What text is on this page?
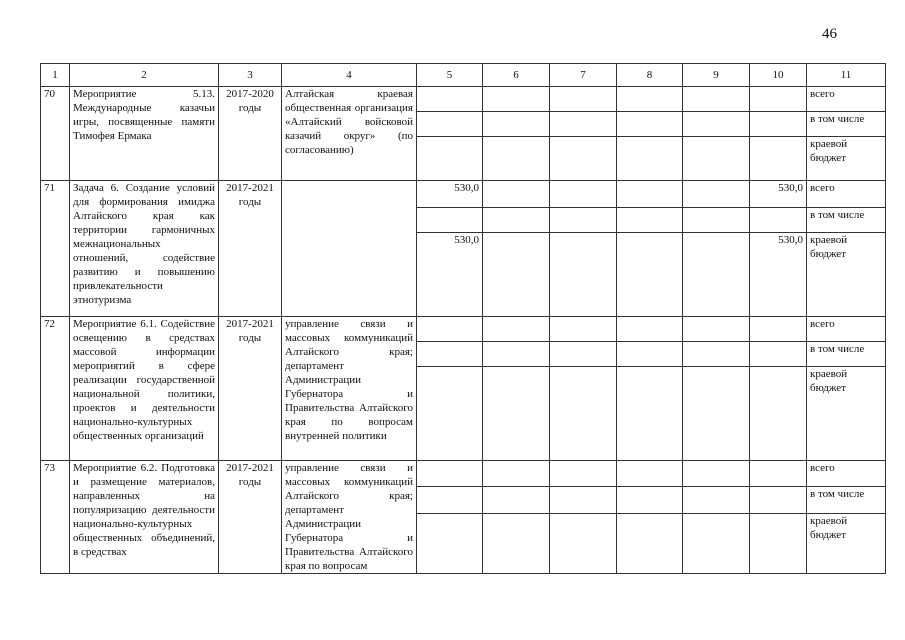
46
1	2	3	4	5	6	7	8	9	10	11
70	Мероприятие 5.13. Международные казачьи игры, посвященные памяти Тимофея Ермака	2017-2020 годы	Алтайская краевая общественная организация «Алтайский войсковой казачий округ» (по согласованию)							всего
										в том числе
										краевой бюджет
71	Задача 6. Создание условий для формирования имиджа Алтайского края как территории гармоничных межнациональных отношений, содействие развитию и повышению привлекательности этнотуризма	2017-2021 годы		530,0					530,0	всего
										в том числе
				530,0					530,0	краевой бюджет
72	Мероприятие 6.1. Содействие освещению в средствах массовой информации мероприятий в сфере реализации государственной национальной политики, проектов и деятельности национально-культурных общественных организаций	2017-2021 годы	управление связи и массовых коммуникаций Алтайского края; департамент Администрации Губернатора и Правительства Алтайского края по вопросам внутренней политики							всего
										в том числе
										краевой бюджет
73	Мероприятие 6.2. Подготовка и размещение материалов, направленных на популяризацию деятельности национально-культурных общественных объединений, в средствах	2017-2021 годы	управление связи и массовых коммуникаций Алтайского края; департамент Администрации Губернатора и Правительства Алтайского края по вопросам							всего
										в том числе
										краевой бюджет
